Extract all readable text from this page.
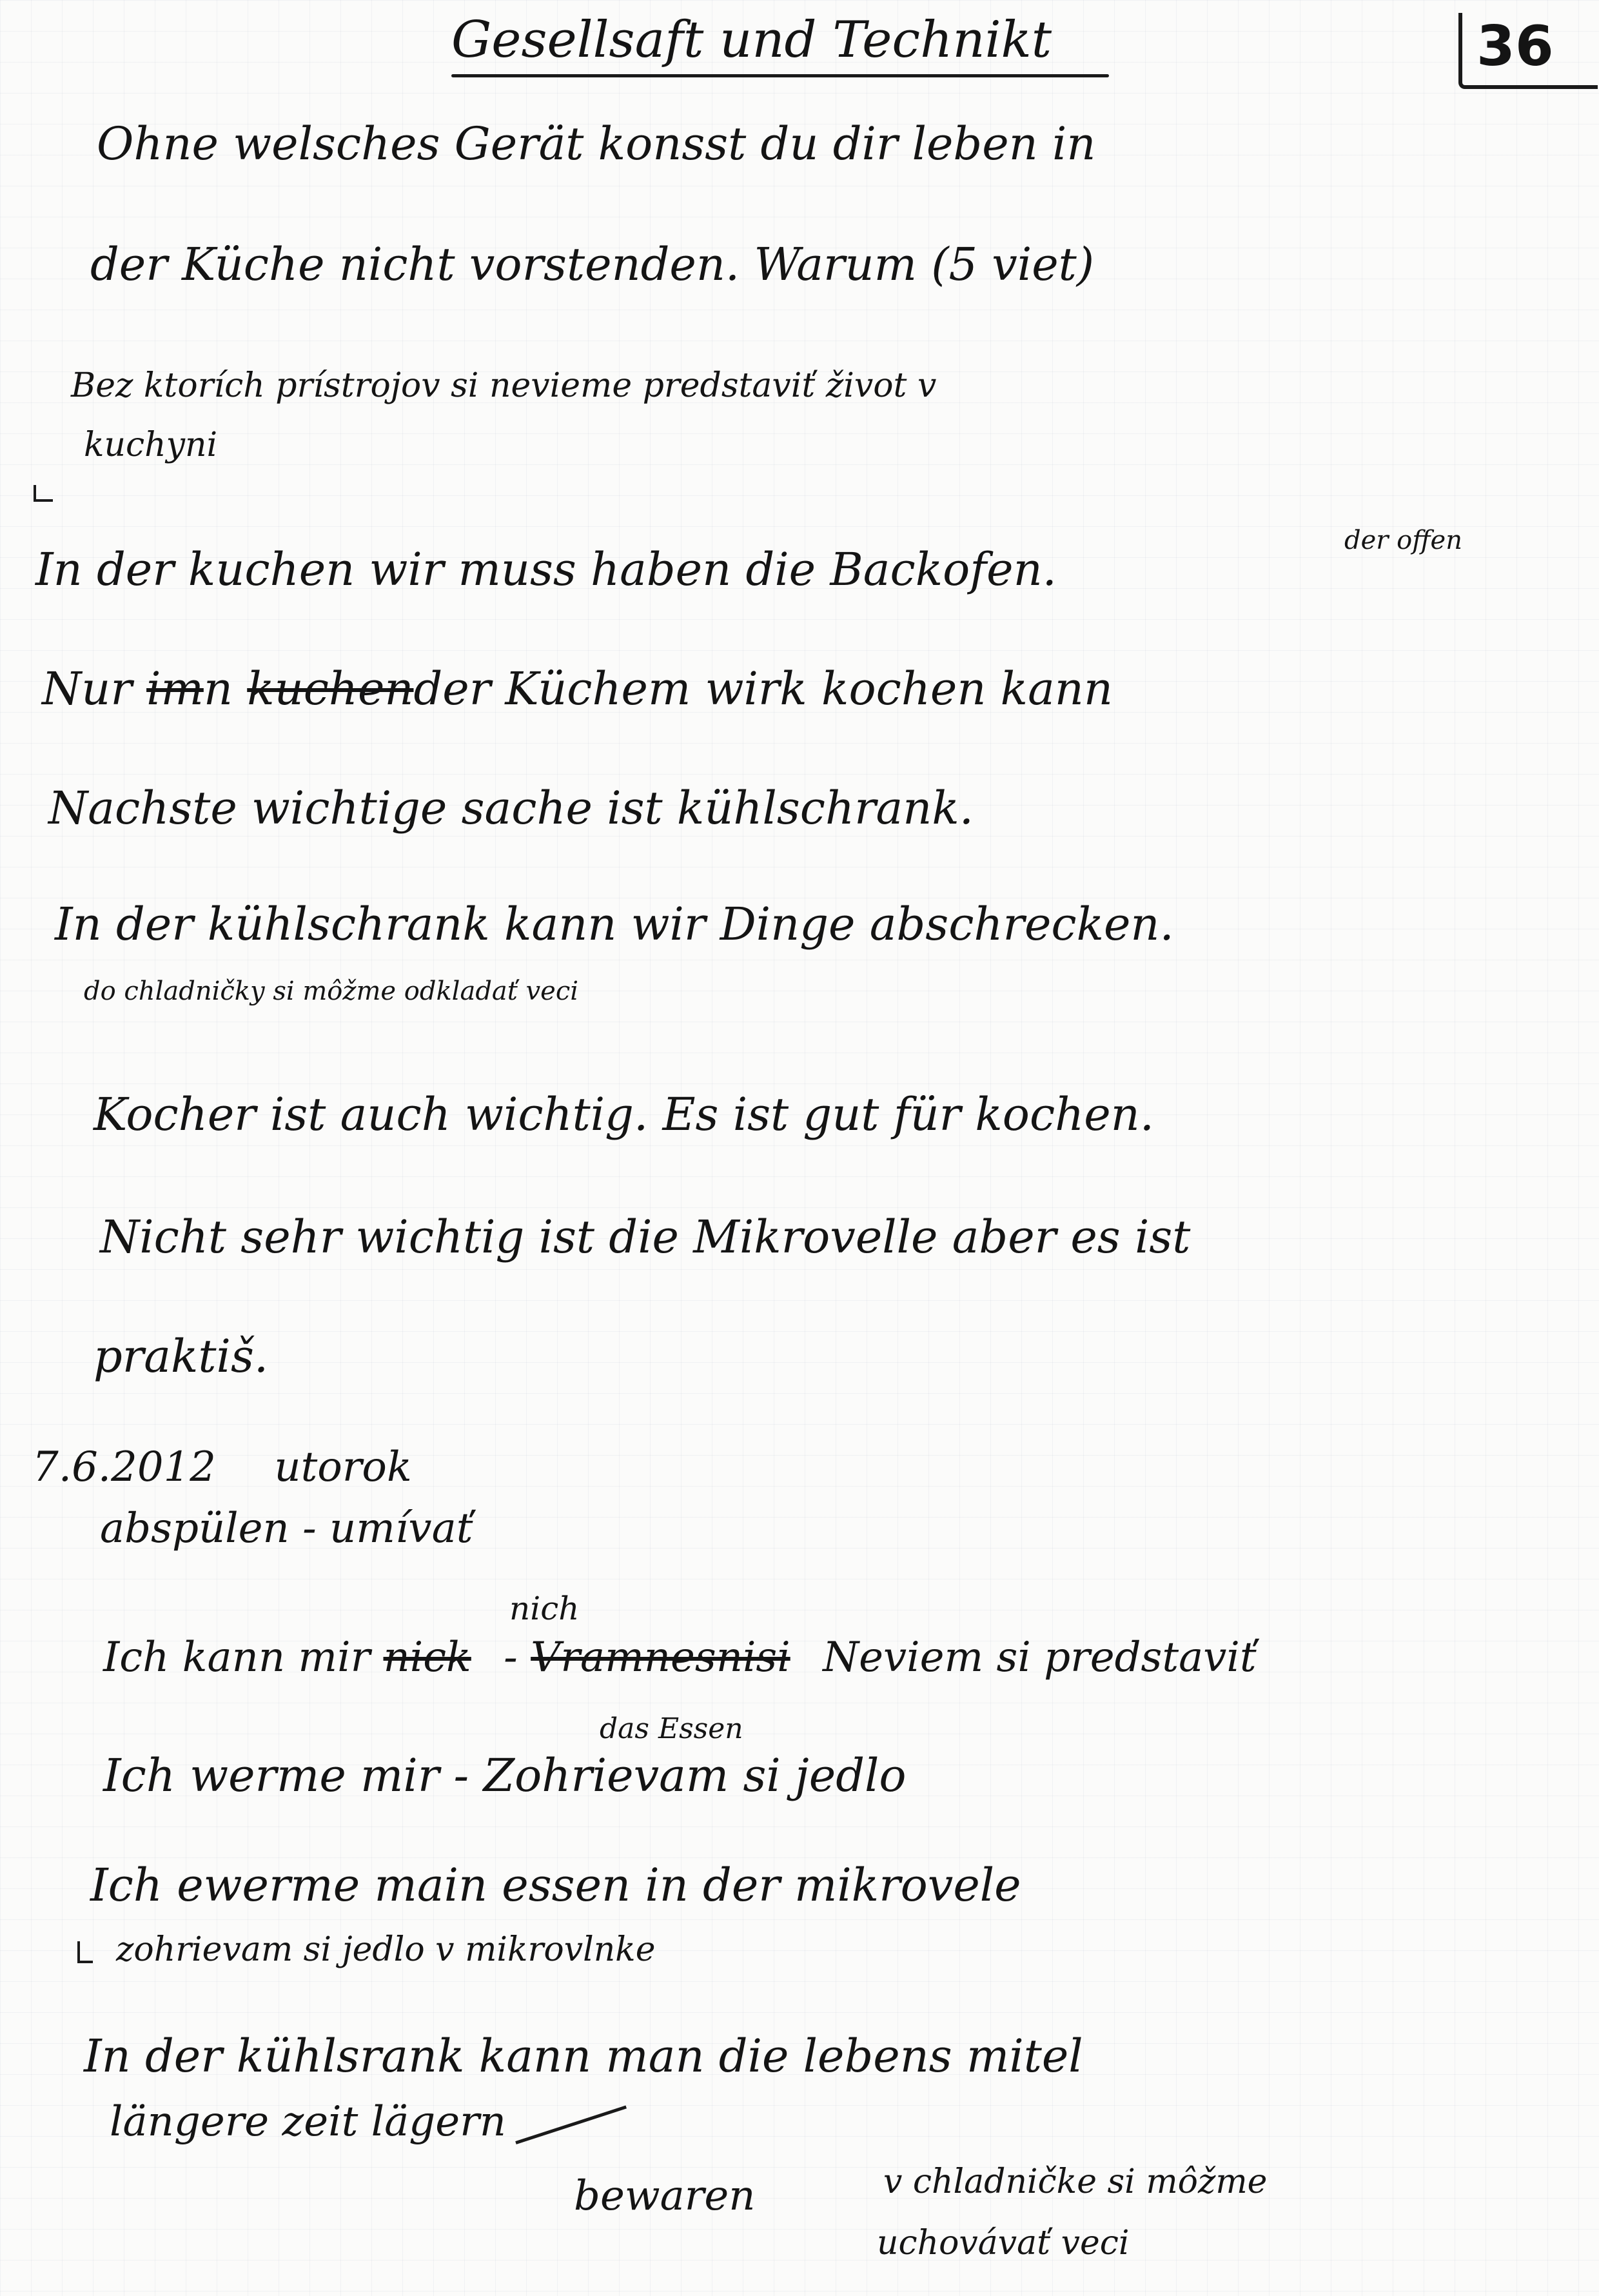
Gesellsaft und Technikt	36
Ohne welsches Gerät konsst du dir leben in
der Küche nicht vorstenden. Warum (5 viet)
Bez ktorích prístrojov si nevieme predstaviť život v
kuchyni
In der kuchen wir muss haben die Backofen.
der offen
Nur imn kuchender Küchem wirk kochen kann
Nachste wichtige sache ist kühlschrank.
In der kühlschrank kann wir Dinge abschrecken.
do chladničky si môžme odkladať veci
Kocher ist auch wichtig. Es ist gut für kochen.
Nicht sehr wichtig ist die Mikrovelle aber es ist
praktiš.
7.6.2012 utorok
abspülen - umívať
nich
Ich kann mir nick - Vramnesnisi Neviem si predstaviť
das Essen
Ich werme mir - Zohrievam si jedlo
Ich ewerme main essen in der mikrovele
zohrievam si jedlo v mikrovlnke
In der kühlsrank kann man die lebens mitel
längere zeit lägern
bewaren	v chladničke si môžme
uchovávať veci
